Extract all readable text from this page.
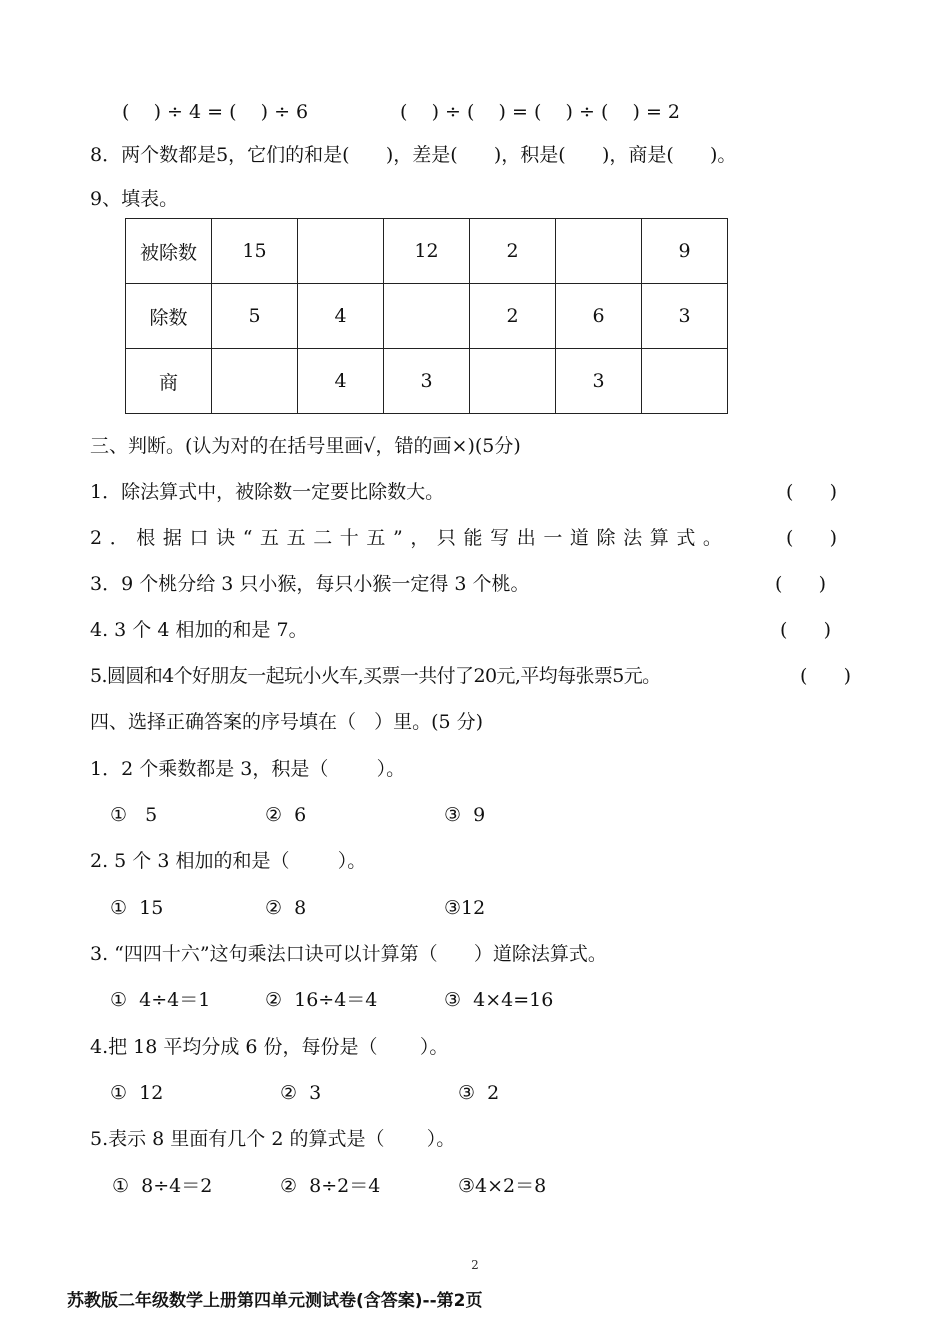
(    ) ÷ 4 = (    ) ÷ 6	(    ) ÷ (    ) = (    ) ÷ (    ) = 2
8．两个数都是5，它们的和是(      )，差是(      )，积是(      )，商是(      )。
9、填表。
被除数	15		12	2		9
除数	5	4		2	6	3
商		4	3		3	
三、判断。(认为对的在括号里画√，错的画×)(5分)
1．除法算式中，被除数一定要比除数大。	(      )
2．根据口诀“五五二十五”，只能写出一道除法算式。	(      )
3．9 个桃分给 3 只小猴，每只小猴一定得 3 个桃。	(      )
4. 3 个 4 相加的和是 7。	(      )
5.圆圆和4个好朋友一起玩小火车,买票一共付了20元,平均每张票5元。	(      )
四、选择正确答案的序号填在（   ）里。(5 分)
1．2 个乘数都是 3，积是（        ）。
①   5	②  6	③  9
2. 5 个 3 相加的和是（        ）。
①  15	②  8	③12
3. “四四十六”这句乘法口诀可以计算第（      ）道除法算式。
①  4÷4＝1	②  16÷4＝4	③  4×4=16
4.把 18 平均分成 6 份，每份是（       ）。
①  12	②  3	③  2
5.表示 8 里面有几个 2 的算式是（       ）。
①  8÷4＝2	②  8÷2＝4	③4×2＝8
2
苏教版二年级数学上册第四单元测试卷(含答案)--第2页
